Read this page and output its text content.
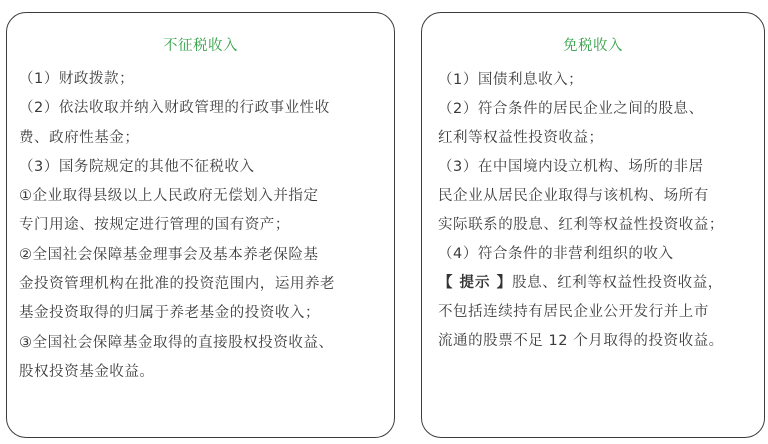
不征税收入
（1）财政拨款；
（2）依法收取并纳入财政管理的行政事业性收
费、政府性基金；
（3）国务院规定的其他不征税收入
①企业取得县级以上人民政府无偿划入并指定
专门用途、按规定进行管理的国有资产；
②全国社会保障基金理事会及基本养老保险基
金投资管理机构在批准的投资范围内，运用养老
基金投资取得的归属于养老基金的投资收入；
③全国社会保障基金取得的直接股权投资收益、
股权投资基金收益。
免税收入
（1）国债利息收入；
（2）符合条件的居民企业之间的股息、
红利等权益性投资收益；
（3）在中国境内设立机构、场所的非居
民企业从居民企业取得与该机构、场所有
实际联系的股息、红利等权益性投资收益；
（4）符合条件的非营利组织的收入
【 提示 】股息、红利等权益性投资收益，
不包括连续持有居民企业公开发行并上市
流通的股票不足 12 个月取得的投资收益。
